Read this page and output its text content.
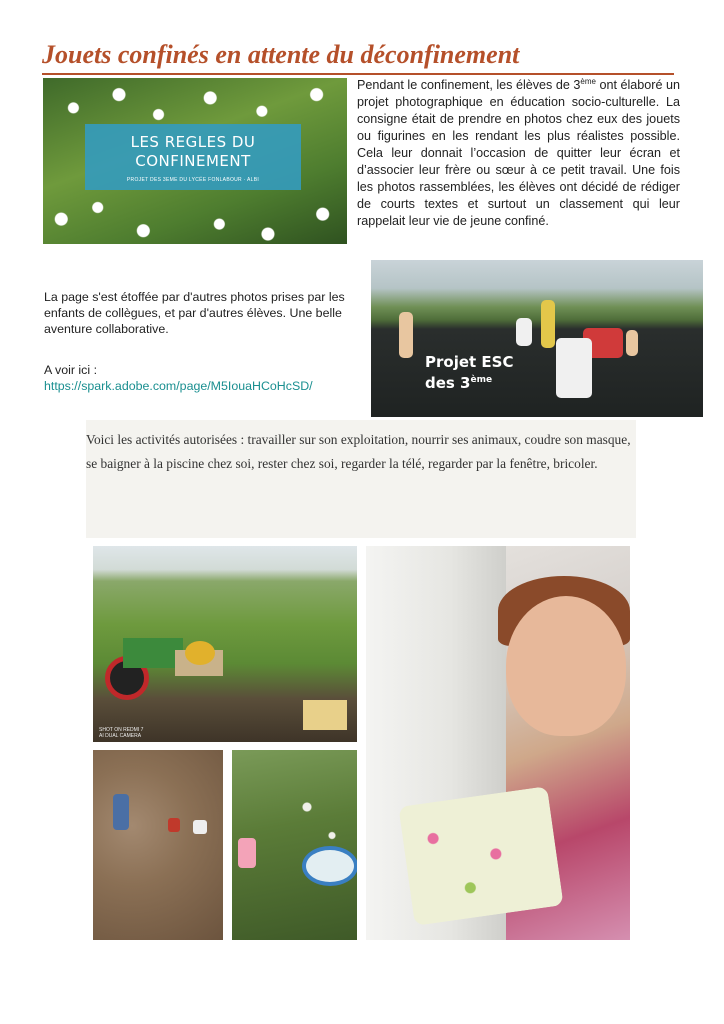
Jouets confinés en attente du déconfinement
LES REGLES DU
CONFINEMENT
PROJET DES 3EME DU LYCÉE FONLABOUR · ALBI

Pendant le confinement, les élèves de 3ème ont élaboré un projet photographique en éducation socio-culturelle. La consigne était de prendre en photos chez eux des jouets ou figurines en les rendant les plus réalistes possible. Cela leur donnait l’occasion de quitter leur écran et d’associer leur frère ou sœur à ce petit travail. Une fois les photos rassemblées, les élèves ont décidé de rédiger de courts textes et surtout un classement qui leur rappelait leur vie de jeune confiné.

La page s'est étoffée par d'autres photos prises par les enfants de collègues, et par d'autres élèves. Une belle aventure collaborative.

A voir ici :

https://spark.adobe.com/page/M5IouaHCoHcSD/
Projet ESC
des 3ème

Voici les activités autorisées : travailler sur son exploitation, nourrir ses animaux, coudre son masque, se baigner à la piscine chez soi, rester chez soi, regarder la télé, regarder par la fenêtre, bricoler.

SHOT ON REDMI 7
AI DUAL CAMERA
